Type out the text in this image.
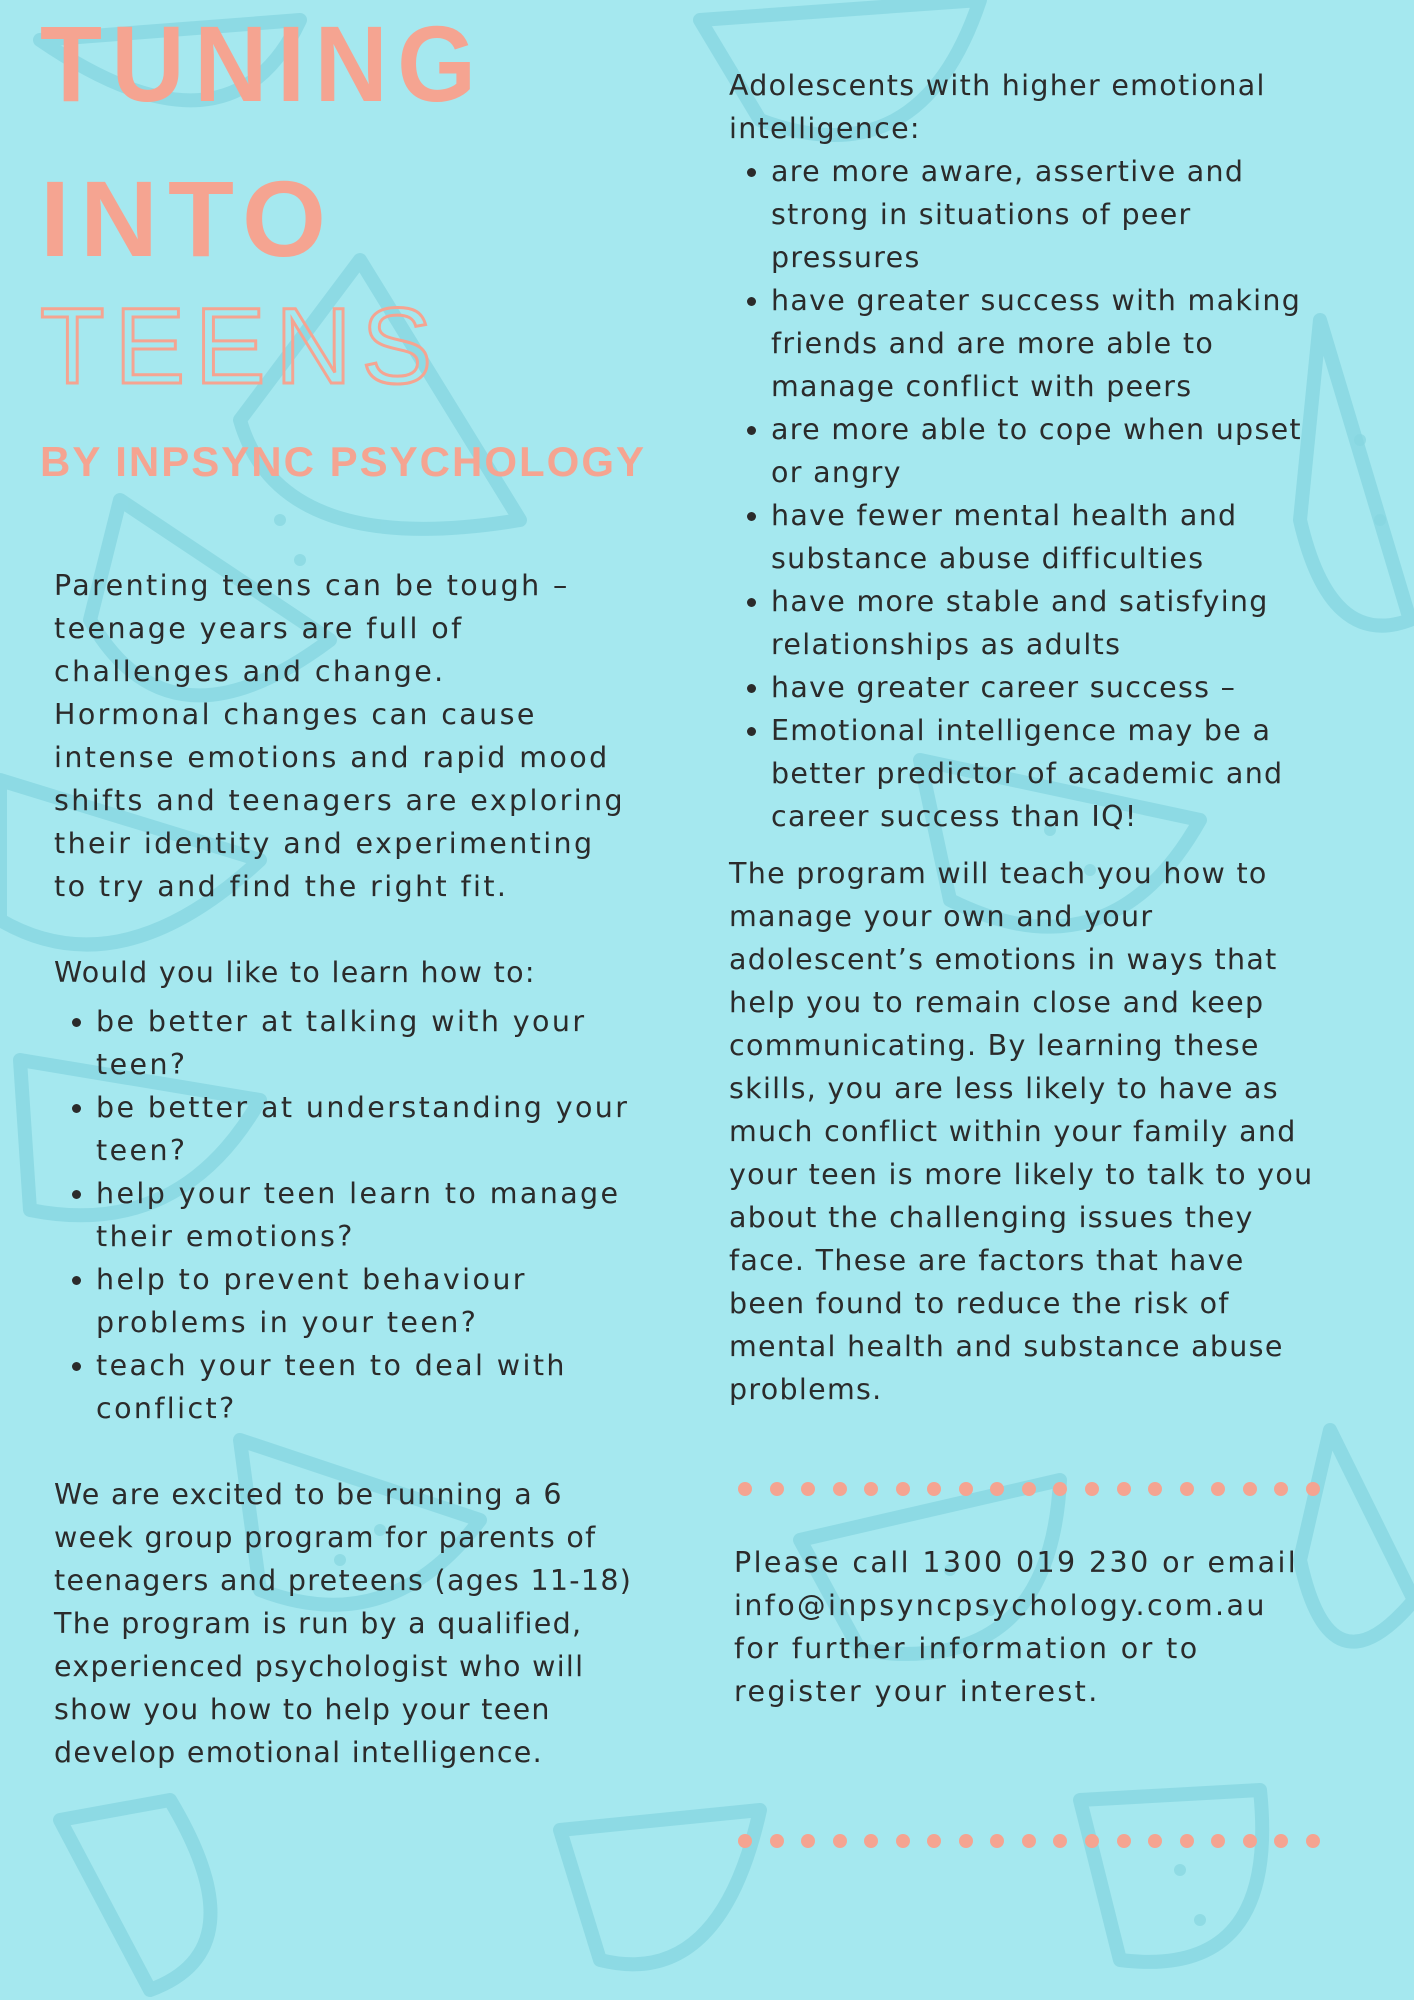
TUNING
INTO
TEENS
BY INPSYNC PSYCHOLOGY

Parenting teens can be tough –
teenage years are full of
challenges and change.
Hormonal changes can cause
intense emotions and rapid mood
shifts and teenagers are exploring
their identity and experimenting
to try and find the right fit.

Would you like to learn how to:

• be better at talking with your
teen?
• be better at understanding your
teen?
• help your teen learn to manage
their emotions?
• help to prevent behaviour
problems in your teen?
• teach your teen to deal with
conflict?

We are excited to be running a 6
week group program for parents of
teenagers and preteens (ages 11-18)
The program is run by a qualified,
experienced psychologist who will
show you how to help your teen
develop emotional intelligence.

Adolescents with higher emotional
intelligence:

• are more aware, assertive and
strong in situations of peer
pressures
• have greater success with making
friends and are more able to
manage conflict with peers
• are more able to cope when upset
or angry
• have fewer mental health and
substance abuse difficulties
• have more stable and satisfying
relationships as adults
• have greater career success –
• Emotional intelligence may be a
better predictor of academic and
career success than IQ!

The program will teach you how to
manage your own and your
adolescent’s emotions in ways that
help you to remain close and keep
communicating. By learning these
skills, you are less likely to have as
much conflict within your family and
your teen is more likely to talk to you
about the challenging issues they
face. These are factors that have
been found to reduce the risk of
mental health and substance abuse
problems.

Please call 1300 019 230 or email
info@inpsyncpsychology.com.au
for further information or to
register your interest.
